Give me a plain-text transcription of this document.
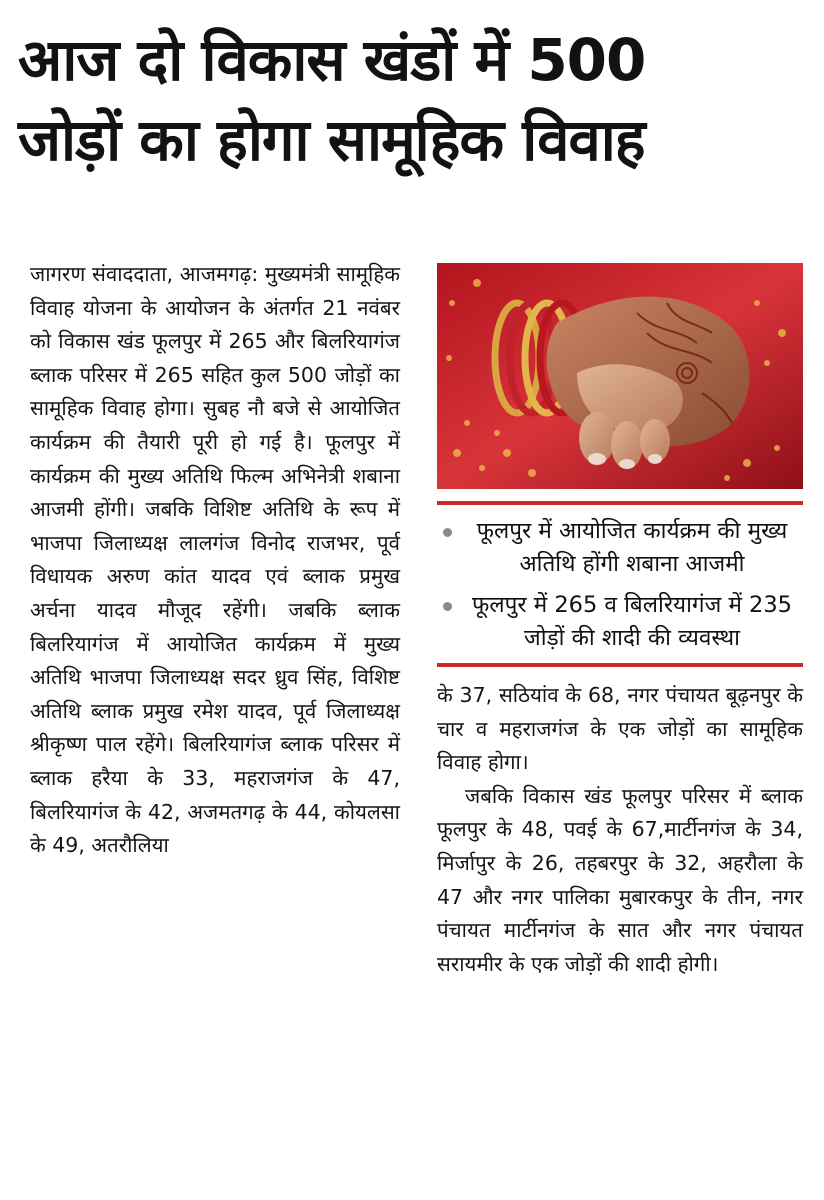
आज दो विकास खंडों में 500
जोड़ों का होगा सामूहिक विवाह

जागरण संवाददाता, आजमगढ़: मुख्यमंत्री सामूहिक विवाह योजना के आयोजन के अंतर्गत 21 नवंबर को विकास खंड फूलपुर में 265 और बिलरियागंज ब्लाक परिसर में 265 सहित कुल 500 जोड़ों का सामूहिक विवाह होगा। सुबह नौ बजे से आयोजित कार्यक्रम की तैयारी पूरी हो गई है। फूलपुर में कार्यक्रम की मुख्य अतिथि फिल्म अभिनेत्री शबाना आजमी होंगी। जबकि विशिष्ट अतिथि के रूप में भाजपा जिलाध्यक्ष लालगंज विनोद राजभर, पूर्व विधायक अरुण कांत यादव एवं ब्लाक प्रमुख अर्चना यादव मौजूद रहेंगी। जबकि ब्लाक बिलरियागंज में आयोजित कार्यक्रम में मुख्य अतिथि भाजपा जिलाध्यक्ष सदर ध्रुव सिंह, विशिष्ट अतिथि ब्लाक प्रमुख रमेश यादव, पूर्व जिलाध्यक्ष श्रीकृष्ण पाल रहेंगे। बिलरियागंज ब्लाक परिसर में ब्लाक हरैया के 33, महराजगंज के 47, बिलरियागंज के 42, अजमतगढ़ के 44, कोयलसा के 49, अतरौलिया

फूलपुर में आयोजित कार्यक्रम की मुख्य अतिथि होंगी शबाना आजमी
फूलपुर में 265 व बिलरियागंज में 235 जोड़ों की शादी की व्यवस्था

के 37, सठियांव के 68, नगर पंचायत बूढ़नपुर के चार व महराजगंज के एक जोड़ों का सामूहिक विवाह होगा।

जबकि विकास खंड फूलपुर परिसर में ब्लाक फूलपुर के 48, पवई के 67,मार्टीनगंज के 34, मिर्जापुर के 26, तहबरपुर के 32, अहरौला के 47 और नगर पालिका मुबारकपुर के तीन, नगर पंचायत मार्टीनगंज के सात और नगर पंचायत सरायमीर के एक जोड़ों की शादी होगी।
